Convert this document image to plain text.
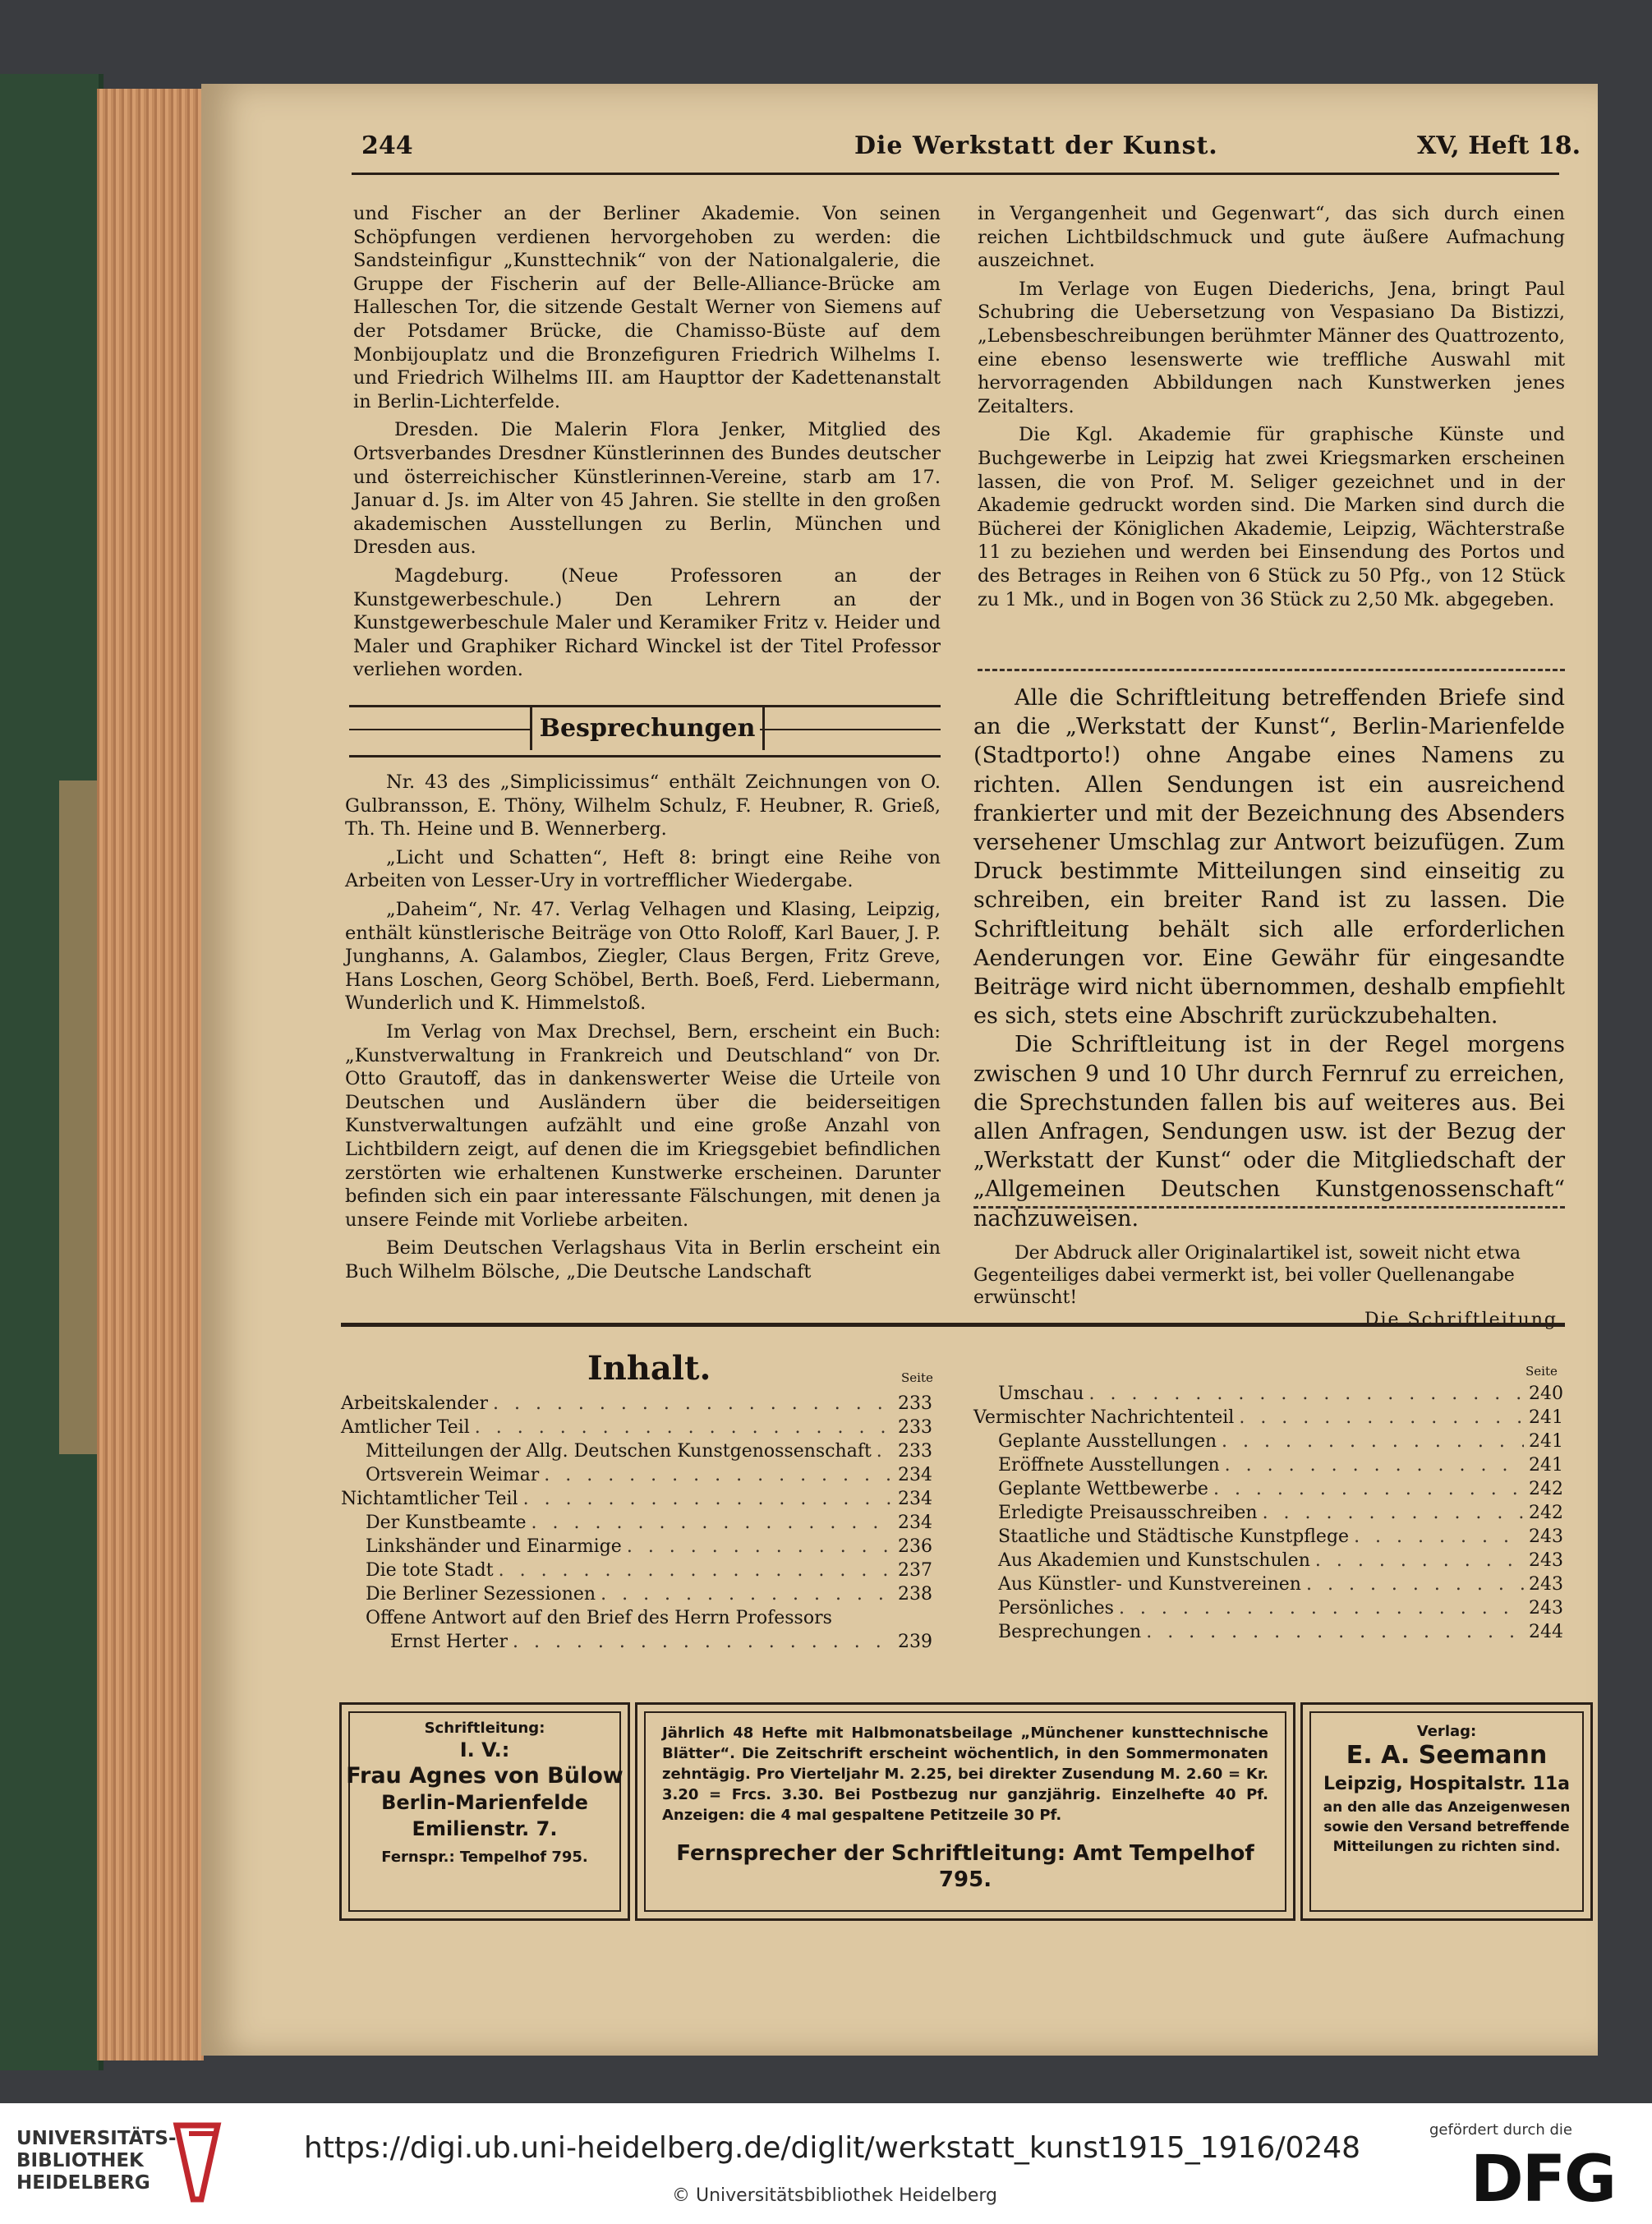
244	Die Werkstatt der Kunst.	XV, Heft 18.

und Fischer an der Berliner Akademie. Von seinen Schöpfungen verdienen hervorgehoben zu werden: die Sandsteinfigur „Kunsttechnik“ von der Nationalgalerie, die Gruppe der Fischerin auf der Belle-Alliance-Brücke am Halleschen Tor, die sitzende Gestalt Werner von Siemens auf der Potsdamer Brücke, die Chamisso-Büste auf dem Monbijouplatz und die Bronzefiguren Friedrich Wilhelms I. und Friedrich Wilhelms III. am Haupttor der Kadettenanstalt in Berlin-Lichterfelde.

Dresden. Die Malerin Flora Jenker, Mitglied des Ortsverbandes Dresdner Künstlerinnen des Bundes deutscher und österreichischer Künstlerinnen-Vereine, starb am 17. Januar d. Js. im Alter von 45 Jahren. Sie stellte in den großen akademischen Ausstellungen zu Berlin, München und Dresden aus.

Magdeburg. (Neue Professoren an der Kunstgewerbeschule.) Den Lehrern an der Kunstgewerbeschule Maler und Keramiker Fritz v. Heider und Maler und Graphiker Richard Winckel ist der Titel Professor verliehen worden.

Besprechungen

Nr. 43 des „Simplicissimus“ enthält Zeichnungen von O. Gulbransson, E. Thöny, Wilhelm Schulz, F. Heubner, R. Grieß, Th. Th. Heine und B. Wennerberg.

„Licht und Schatten“, Heft 8: bringt eine Reihe von Arbeiten von Lesser-Ury in vortrefflicher Wiedergabe.

„Daheim“, Nr. 47. Verlag Velhagen und Klasing, Leipzig, enthält künstlerische Beiträge von Otto Roloff, Karl Bauer, J. P. Junghanns, A. Galambos, Ziegler, Claus Bergen, Fritz Greve, Hans Loschen, Georg Schöbel, Berth. Boeß, Ferd. Liebermann, Wunderlich und K. Himmelstoß.

Im Verlag von Max Drechsel, Bern, erscheint ein Buch: „Kunstverwaltung in Frankreich und Deutschland“ von Dr. Otto Grautoff, das in dankenswerter Weise die Urteile von Deutschen und Ausländern über die beiderseitigen Kunstverwaltungen aufzählt und eine große Anzahl von Lichtbildern zeigt, auf denen die im Kriegsgebiet befindlichen zerstörten wie erhaltenen Kunstwerke erscheinen. Darunter befinden sich ein paar interessante Fälschungen, mit denen ja unsere Feinde mit Vorliebe arbeiten.

Beim Deutschen Verlagshaus Vita in Berlin erscheint ein Buch Wilhelm Bölsche, „Die Deutsche Landschaft

in Vergangenheit und Gegenwart“, das sich durch einen reichen Lichtbildschmuck und gute äußere Aufmachung auszeichnet.

Im Verlage von Eugen Diederichs, Jena, bringt Paul Schubring die Uebersetzung von Vespasiano Da Bistizzi, „Lebensbeschreibungen berühmter Männer des Quattrozento, eine ebenso lesenswerte wie treffliche Auswahl mit hervorragenden Abbildungen nach Kunstwerken jenes Zeitalters.

Die Kgl. Akademie für graphische Künste und Buchgewerbe in Leipzig hat zwei Kriegsmarken erscheinen lassen, die von Prof. M. Seliger gezeichnet und in der Akademie gedruckt worden sind. Die Marken sind durch die Bücherei der Königlichen Akademie, Leipzig, Wächterstraße 11 zu beziehen und werden bei Einsendung des Portos und des Betrages in Reihen von 6 Stück zu 50 Pfg., von 12 Stück zu 1 Mk., und in Bogen von 36 Stück zu 2,50 Mk. abgegeben.

Alle die Schriftleitung betreffenden Briefe sind an die „Werkstatt der Kunst“, Berlin-Marienfelde (Stadtporto!) ohne Angabe eines Namens zu richten. Allen Sendungen ist ein ausreichend frankierter und mit der Bezeichnung des Absenders versehener Umschlag zur Antwort beizufügen. Zum Druck bestimmte Mitteilungen sind einseitig zu schreiben, ein breiter Rand ist zu lassen. Die Schriftleitung behält sich alle erforderlichen Aenderungen vor. Eine Gewähr für eingesandte Beiträge wird nicht übernommen, deshalb empfiehlt es sich, stets eine Abschrift zurückzubehalten.

Die Schriftleitung ist in der Regel morgens zwischen 9 und 10 Uhr durch Fernruf zu erreichen, die Sprechstunden fallen bis auf weiteres aus. Bei allen Anfragen, Sendungen usw. ist der Bezug der „Werkstatt der Kunst“ oder die Mitgliedschaft der „Allgemeinen Deutschen Kunstgenossenschaft“ nachzuweisen.

Der Abdruck aller Originalartikel ist, soweit nicht etwa Gegenteiliges dabei vermerkt ist, bei voller Quellenangabe erwünscht!
Die Schriftleitung.
Inhalt.	Seite	Seite
Arbeitskalender . . .	233
Amtlicher Teil . . .	233
Mitteilungen der Allg. Deutschen Kunstgenossenschaft . . . 233
Ortsverein Weimar . . .	234
Nichtamtlicher Teil . . .	234
Der Kunstbeamte . . .	234
Linkshänder und Einarmige . . .	236
Die tote Stadt . . .	237
Die Berliner Sezessionen . . .	238
Offene Antwort auf den Brief des Herrn Professors
Ernst Herter . . .	239
Umschau . . .	240
Vermischter Nachrichtenteil . . .	241
Geplante Ausstellungen . . .	241
Eröffnete Ausstellungen . . .	241
Geplante Wettbewerbe . . .	242
Erledigte Preisausschreiben . . .	242
Staatliche und Städtische Kunstpflege . . .	243
Aus Akademien und Kunstschulen . . .	243
Aus Künstler- und Kunstvereinen . . .	243
Persönliches . . .	243
Besprechungen . . .	244
Schriftleitung:
I. V.:
Frau Agnes von Bülow
Berlin-Marienfelde
Emilienstr. 7.
Fernspr.: Tempelhof 795.
Jährlich 48 Hefte mit Halbmonatsbeilage „Münchener kunsttechnische Blätter“. Die Zeitschrift erscheint wöchentlich, in den Sommermonaten zehntägig. Pro Vierteljahr M. 2.25, bei direkter Zusendung M. 2.60 = Kr. 3.20 = Frcs. 3.30. Bei Postbezug nur ganzjährig. Einzelhefte 40 Pf. Anzeigen: die 4 mal gespaltene Petitzeile 30 Pf.
Fernsprecher der Schriftleitung: Amt Tempelhof 795.
Verlag:
E. A. Seemann
Leipzig, Hospitalstr. 11a
an den alle das Anzeigenwesen sowie den Versand betreffende Mitteilungen zu richten sind.
UNIVERSITÄTS-
BIBLIOTHEK
HEIDELBERG
https://digi.ub.uni-heidelberg.de/diglit/werkstatt_kunst1915_1916/0248
© Universitätsbibliothek Heidelberg
gefördert durch die
DFG
